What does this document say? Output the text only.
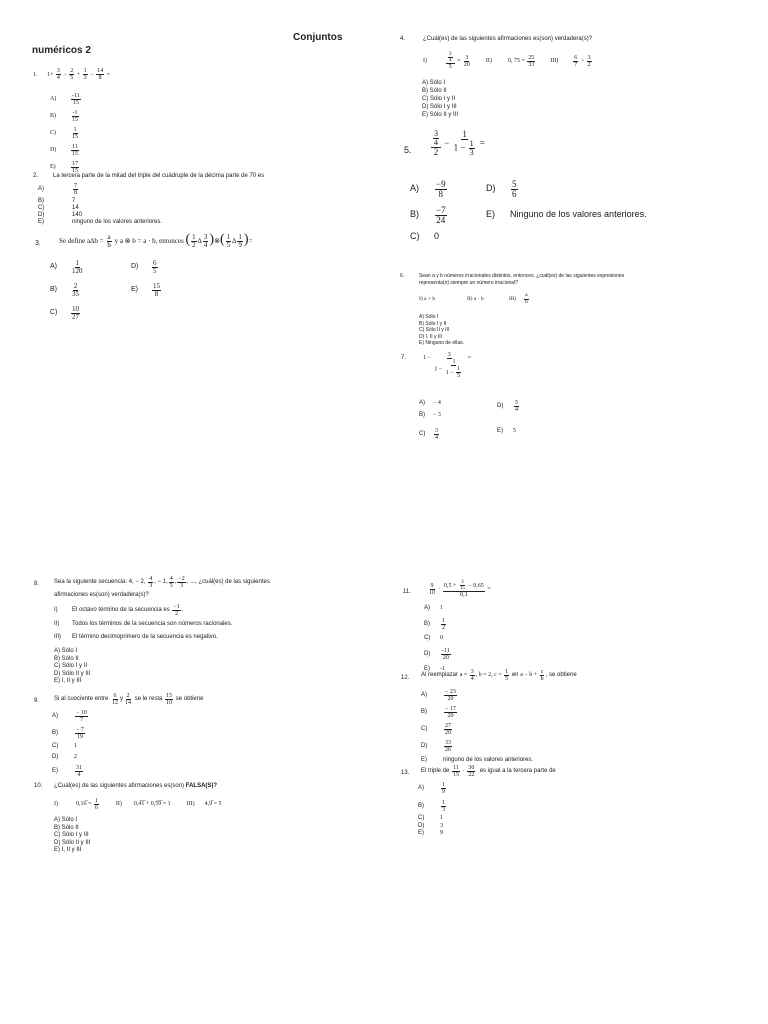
Conjuntos
numéricos 2
1. $1+ \frac{3}{4} - \frac{2}{5} + \frac{1}{3} - \frac{14}{8}$ =
A)	$\frac{-11}{15}$
B)	$\frac{-1}{15}$
C)	$\frac{1}{15}$
D)	$\frac{11}{15}$
E)	$\frac{17}{15}$
2. La tercera parte de la mitad del triple del cuádruple de la décima parte de 70 es
A)	$\frac{7}{8}$
B)	7
C)	14
D)	140
E)	ninguno de los valores anteriores.
3.	Se define $a\Delta b = \frac{a}{b}$ y a ⊗ b = a · b, entonces ( $\frac{1}{2}$ ∆ $\frac{3}{4}$ )⊗( $\frac{1}{5}$ ∆ $\frac{1}{9}$ )=
A)	$\frac{1}{120}$
B)	$\frac{2}{35}$
C)	$\frac{10}{27}$
D)	$\frac{6}{5}$
E)	$\frac{15}{8}$
4.	¿Cuál(es) de las siguientes afirmaciones es(son) verdadera(s)?
I)	$\frac{\frac{3}{4}}{5} = \frac{3}{20}$	II)	0, 75 =
$\frac{25}{33}$	III)	$\frac{6}{7} > \frac{3}{2}$
A) Sólo I
B) Sólo II
C) Sólo I y II
D) Sólo I y III
E) Sólo II y III
5. $\frac{\frac{3}{4}}{2} - \frac{1}{1 - \frac{1}{3}}$ =
A)	$\frac{-9}{8}$
B)	$\frac{-7}{24}$
C)	0
D)	$\frac{5}{6}$
E)	Ninguno de los valores anteriores.
6.	Sean a y b números irracionales distintos, entonces, ¿cuál(es) de las siguientes expresiones
representa(n) siempre un número irracional?
I) a + b	II) a · b	III)	$\frac{a}{b}$
A) Sólo I
B) Sólo I y II
C) Sólo II y III
D) I, II y III
E) Ninguno de ellas.
7.	$1 - \frac{3}{1 - \frac{1}{1 - \frac{1}{5}}}$ =
A)	− 4
B)	− 3
C)	$\frac{3}{4}$
D)	$\frac{5}{4}$
E)	5
8. Sea la siguiente secuencia: 4, − 2,
$\frac{4}{3}$ , − 1, $\frac{4}{5}$ , $\frac{-2}{3}$ , ..., ¿cuál(es) de las siguientes
afirmaciones es(son) verdadera(s)?
I)	El octavo término de la secuencia es
$\frac{-1}{2}$ .
II) Todos los términos de la secuencia son números racionales.
III) El término decimoprimero de la secuencia es negativo.
A) Sólo I
B) Sólo II
C) Sólo I y II
D) Sólo II y III
E) I, II y III
9. Si al cuociente entre
$\frac{6}{12}$ y $\frac{2}{14}$
se le resta
$\frac{15}{10}$
se obtiene
A)	$\frac{- 10}{7}$
B)	$\frac{- 7}{19}$
C)	1
D)	2
E)	$\frac{31}{4}$
10. ¿Cuál(es) de las siguientes afirmaciones es(son) FALSA(S)?
I)	0,16̅ =
$\frac{1}{6}$	II)	0,4̅1̅ + 0,5̅9̅ = 1	III)	4,9̅ = 5
A) Sólo I
B) Sólo II
C) Sólo I y III
D) Sólo II y III
E) I, II y III
11.	$\frac{9}{10} \cdot \frac{0,5 + \frac{3}{15} - 0,65}{0,1}$ =
A)	1
B)	$\frac{1}{2}$
C)	0
D)	$\frac{-11}{20}$
E)	-1
12. Al reemplazar
$a = \frac{3}{4}$ , b = 2, $c = \frac{1}{5}$
en
$a - b + \frac{c}{b}$ , se obtiene
A)	$\frac{- 23}{20}$
B)	$\frac{- 17}{20}$
C)	$\frac{27}{20}$
D)	$\frac{33}{26}$
E)	ninguno de los valores anteriores.
13. El triple de
$\frac{11}{15} \cdot \frac{30}{22}$
es igual a la tercera parte de
A)	$\frac{1}{9}$
B)	$\frac{1}{3}$
C)	1
D)	3
E)	9
